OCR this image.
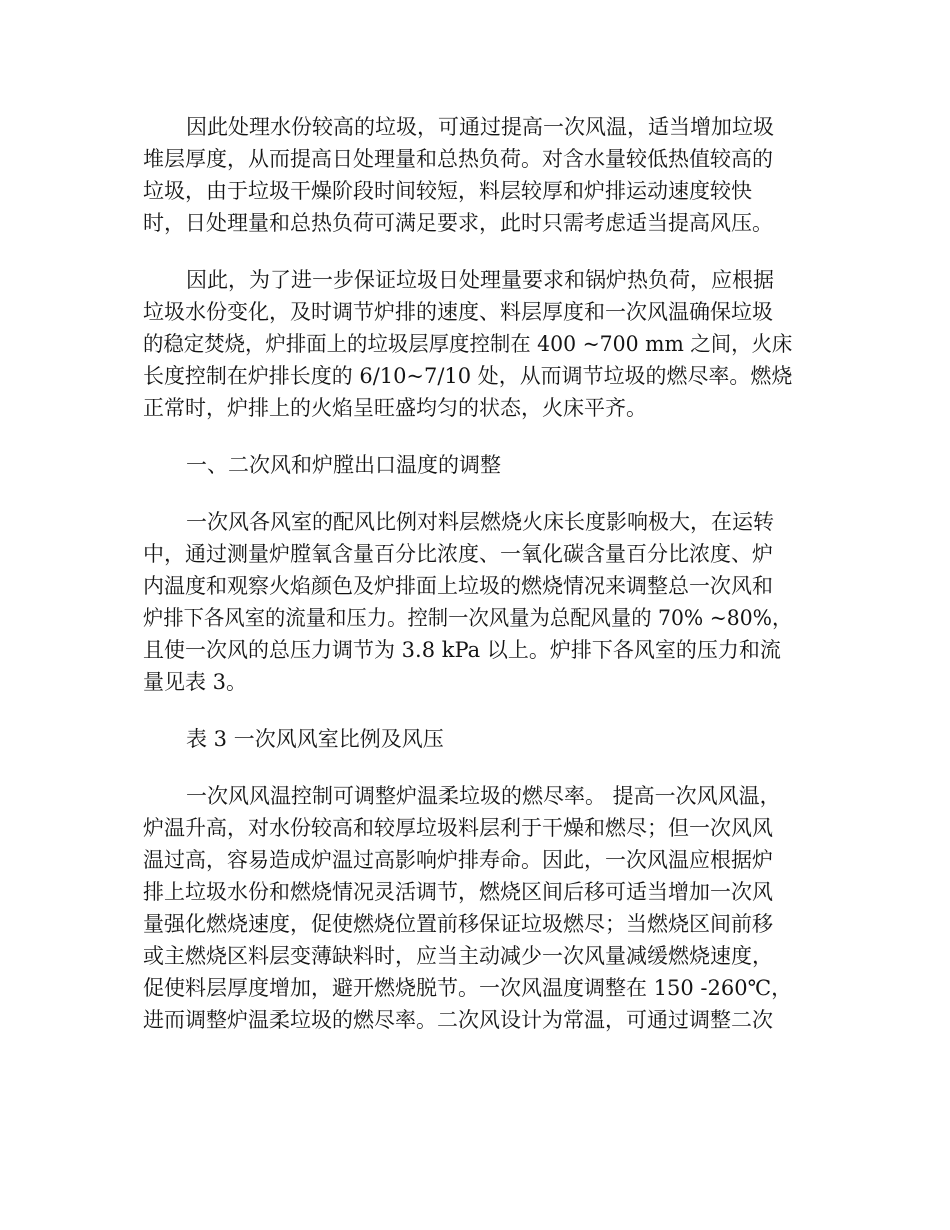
因此处理水份较高的垃圾，可通过提高一次风温，适当增加垃圾

堆层厚度，从而提高日处理量和总热负荷。对含水量较低热值较高的

垃圾，由于垃圾干燥阶段时间较短，料层较厚和炉排运动速度较快

时，日处理量和总热负荷可满足要求，此时只需考虑适当提高风压。

因此，为了进一步保证垃圾日处理量要求和锅炉热负荷，应根据

垃圾水份变化，及时调节炉排的速度、料层厚度和一次风温确保垃圾

的稳定焚烧，炉排面上的垃圾层厚度控制在 400 ~700 mm 之间，火床

长度控制在炉排长度的 6/10~7/10 处，从而调节垃圾的燃尽率。燃烧

正常时，炉排上的火焰呈旺盛均匀的状态，火床平齐。

一、二次风和炉膛出口温度的调整

一次风各风室的配风比例对料层燃烧火床长度影响极大，在运转

中，通过测量炉膛氧含量百分比浓度、一氧化碳含量百分比浓度、炉

内温度和观察火焰颜色及炉排面上垃圾的燃烧情况来调整总一次风和

炉排下各风室的流量和压力。控制一次风量为总配风量的 70% ~80%，

且使一次风的总压力调节为 3.8 kPa 以上。炉排下各风室的压力和流

量见表 3。

表 3 一次风风室比例及风压

一次风风温控制可调整炉温柔垃圾的燃尽率。 提高一次风风温，

炉温升高，对水份较高和较厚垃圾料层利于干燥和燃尽；但一次风风

温过高，容易造成炉温过高影响炉排寿命。因此，一次风温应根据炉

排上垃圾水份和燃烧情况灵活调节，燃烧区间后移可适当增加一次风

量强化燃烧速度，促使燃烧位置前移保证垃圾燃尽；当燃烧区间前移

或主燃烧区料层变薄缺料时，应当主动减少一次风量减缓燃烧速度，

促使料层厚度增加，避开燃烧脱节。一次风温度调整在 150 -260℃，

进而调整炉温柔垃圾的燃尽率。二次风设计为常温，可通过调整二次
